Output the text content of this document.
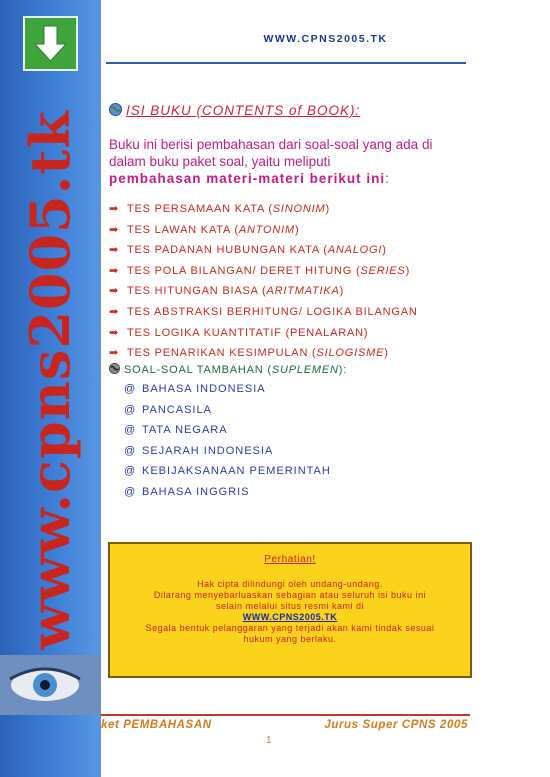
www.cpns2005.tk
WWW.CPNS2005.TK
ISI BUKU (CONTENTS of BOOK):
Buku ini berisi pembahasan dari soal-soal yang ada di
dalam buku paket soal, yaitu meliputi
pembahasan materi-materi berikut ini:
➡ TES PERSAMAAN KATA (SINONIM)
➡ TES LAWAN KATA (ANTONIM)
➡ TES PADANAN HUBUNGAN KATA (ANALOGI)
➡ TES POLA BILANGAN/ DERET HITUNG (SERIES)
➡ TES HITUNGAN BIASA (ARITMATIKA)
➡ TES ABSTRAKSI BERHITUNG/ LOGIKA BILANGAN
➡ TES LOGIKA KUANTITATIF (PENALARAN)
➡ TES PENARIKAN KESIMPULAN (SILOGISME)
SOAL-SOAL TAMBAHAN (SUPLEMEN):
@ BAHASA INDONESIA
@ PANCASILA
@ TATA NEGARA
@ SEJARAH INDONESIA
@ KEBIJAKSANAAN PEMERINTAH
@ BAHASA INGGRIS
Perhatian!
Hak cipta dilindungi oleh undang-undang.
Dilarang menyebarluaskan sebagian atau seluruh isi buku ini
selain melalui situs resmi kami di
WWW.CPNS2005.TK
Segala bentuk pelanggaran yang terjadi akan kami tindak sesuai
hukum yang berlaku.
ket PEMBAHASAN	Jurus Super CPNS 2005
1
